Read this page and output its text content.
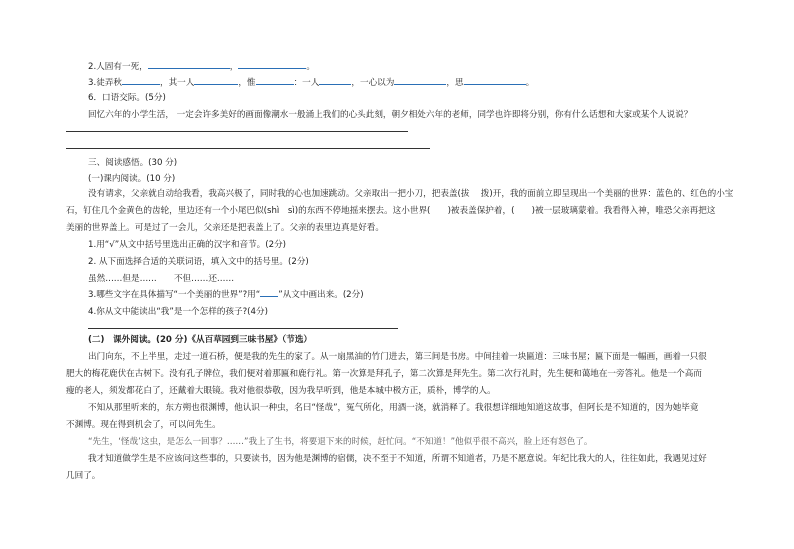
2.人固有一死，	，	。
3.徒弄秋	，其一人	，惟	：一人	，一心以为	，思	。
6．口语交际。(5分)
回忆六年的小学生活， 一定会许多美好的画面像潮水一般涌上我们的心头此刻，朝夕相处六年的老师，同学也许即将分别，你有什么话想和大家或某个人说说？
三、阅读感悟。(30 分)
(一)课内阅读。(10 分)
没有请求，父亲就自动给我看，我高兴极了，同时我的心也加速跳动。父亲取出一把小刀，把表盖(拔　 拨)开，我的面前立即呈现出一个美丽的世界：蓝色的、红色的小宝
石，钉住几个金黄色的齿轮，里边还有一个小尾巴似(shì　sì)的东西不停地摇来摆去。这小世界(　　)被表盖保护着，(　　)被一层玻璃蒙着。我看得入神，唯恐父亲再把这
美丽的世界盖上。可是过了一会儿，父亲还是把表盖上了。父亲的表里边真是好看。
1.用“√”从文中括号里选出正确的汉字和音节。(2分)
2. 从下面选择合适的关联词语，填入文中的括号里。(2分)
虽然……但是……　　不但……还……
3.哪些文字在具体描写“一个美丽的世界”?用“ ”从文中画出来。(2分)
4.你从文中能读出“我”是一个怎样的孩子?(4分)
(二)　课外阅读。(20 分)《从百草园到三味书屋》（节选）
出门向东，不上半里，走过一道石桥，便是我的先生的家了。从一扇黑油的竹门进去，第三间是书房。中间挂着一块匾道：三味书屋；匾下面是一幅画，画着一只很
肥大的梅花鹿伏在古树下。没有孔子牌位，我们便对着那匾和鹿行礼。第一次算是拜孔子，第二次算是拜先生。第二次行礼时，先生便和蔼地在一旁答礼。他是一个高而
瘦的老人，须发都花白了，还戴着大眼镜。我对他很恭敬，因为我早听到，他是本城中极方正，质朴，博学的人。
不知从那里听来的，东方朔也很渊博，他认识一种虫，名曰“怪哉”，冤气所化，用酒一浇，就消释了。我很想详细地知道这故事，但阿长是不知道的，因为她毕竟
不渊博。现在得到机会了，可以问先生。
“先生，‘怪哉’这虫，是怎么一回事？……”我上了生书，将要退下来的时候，赶忙问。“不知道！”他似乎很不高兴，脸上还有怒色了。
我才知道做学生是不应该问这些事的，只要读书，因为他是渊博的宿儒，决不至于不知道，所谓不知道者，乃是不愿意说。年纪比我大的人，往往如此，我遇见过好
几回了。
